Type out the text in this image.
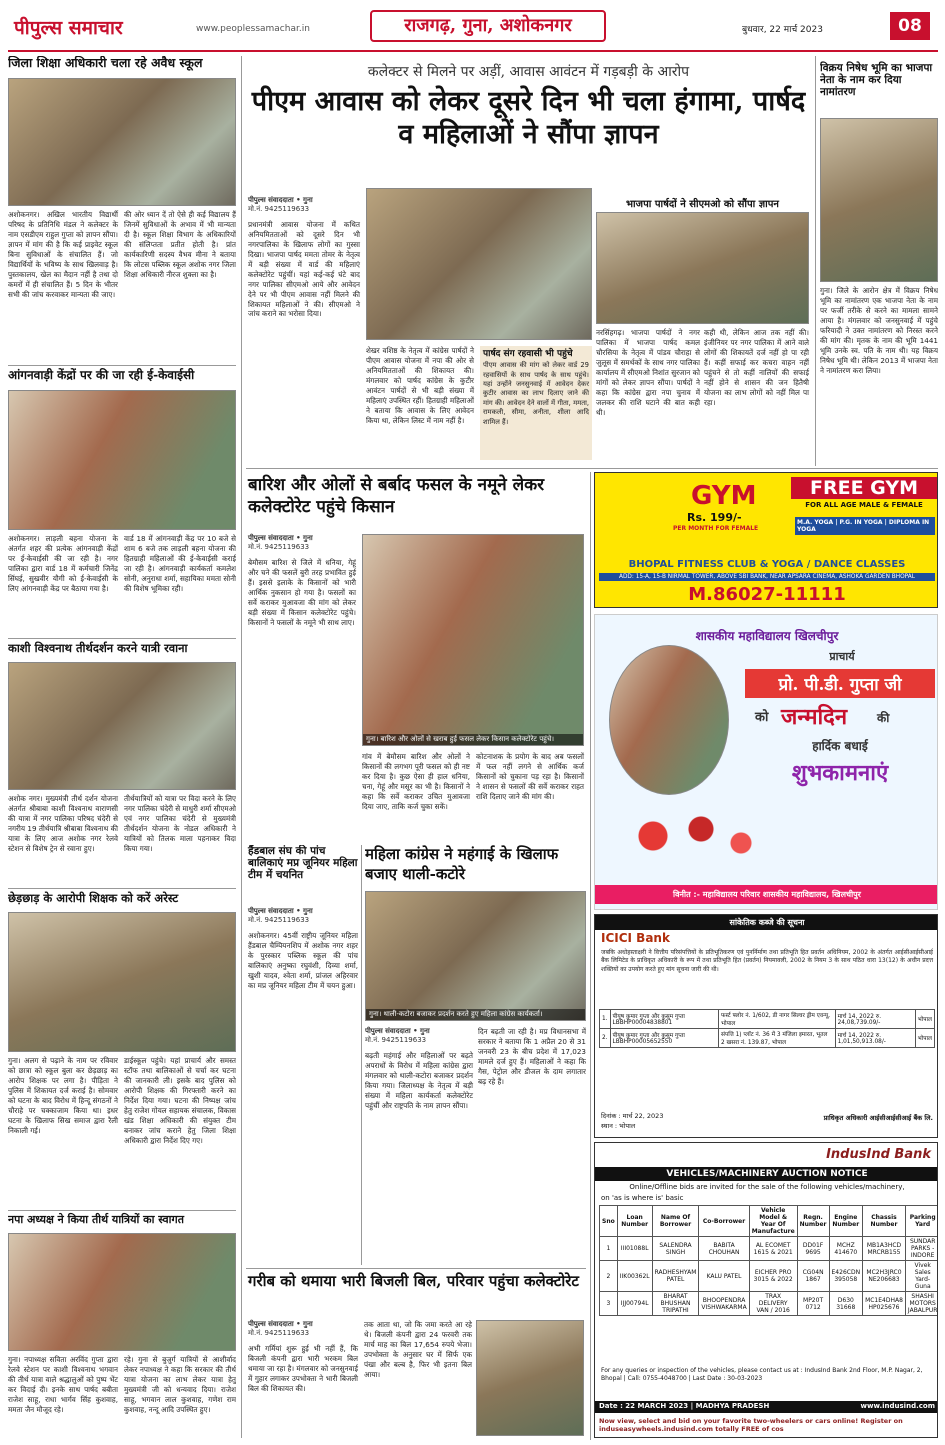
पीपुल्स समाचार	www.peoplessamachar.in	राजगढ़, गुना, अशोकनगर	बुधवार, 22 मार्च 2023	08
जिला शिक्षा अधिकारी चला रहे अवैध स्कूल
अशोकनगर। अखिल भारतीय विद्यार्थी परिषद के प्रतिनिधि मंडल ने कलेक्टर के नाम एसडीएम राहुल गुप्ता को ज्ञापन सौंपा। ज्ञापन में मांग की है कि कई प्राइवेट स्कूल बिना सुविधाओं के संचालित हैं। जो विद्यार्थियों के भविष्य के साथ खिलवाड़ है। पुस्तकालय, खेल का मैदान नहीं है तथा दो कमरों में ही संचालित हैं। 5 दिन के भीतर सभी की जांच करवाकर मान्यता की जाए।
की ओर ध्यान दें तो ऐसे ही कई विद्यालय हैं जिनमें सुविधाओं के अभाव में भी मान्यता दी है। स्कूल शिक्षा विभाग के अधिकारियों की संलिप्तता प्रतीत होती है। प्रांत कार्यकारिणी सदस्य वैभव मीना ने बताया कि लोटस पब्लिक स्कूल अशोक नगर जिला शिक्षा अधिकारी नीरज शुक्ला का है।
आंगनवाड़ी केंद्रों पर की जा रही ई-केवाईसी
अशोकनगर। लाड़ली बहना योजना के अंतर्गत शहर की प्रत्येक आंगनवाड़ी केंद्रों पर ई-केवाईसी की जा रही है। नगर पालिका द्वारा वार्ड 18 में कर्मचारी जिनेंद्र सिंघई, सुखवीर यौगी को ई-केवाईसी के लिए आंगनवाड़ी केंद्र पर बैठाया गया है।
वार्ड 18 में आंगनवाड़ी केंद्र पर 10 बजे से शाम 6 बजे तक लाड़ली बहना योजना की हितग्राही महिलाओं की ई-केवाईसी कराई जा रही है। आंगनवाड़ी कार्यकर्ता कमलेश सोनी, अनुराधा शर्मा, सहायिका ममता सोनी की विशेष भूमिका रही।
काशी विश्वनाथ तीर्थदर्शन करने यात्री रवाना
अशोक नगर। मुख्यमंत्री तीर्थ दर्शन योजना अंतर्गत श्रीबाबा काशी विश्वनाथ वाराणसी की यात्रा में नगर पालिका परिषद चंदेरी से नगरीय 19 तीर्थयात्रि श्रीबाबा विश्वनाथ की यात्रा के लिए आज अशोक नगर रेलवे स्टेशन से विशेष ट्रेन से रवाना हुए।
तीर्थयात्रियों को यात्रा पर विदा करने के लिए नगर पालिका चंदेरी से माधुरी शर्मा सीएमओ एवं नगर पालिका चंदेरी से मुख्यमंत्री तीर्थदर्शन योजना के नोडल अधिकारी ने यात्रियों को तिलक माला पहनाकर विदा किया गया।
छेड़छाड़ के आरोपी शिक्षक को करें अरेस्ट
गुना। अलग से पढ़ाने के नाम पर रविवार को छात्रा को स्कूल बुला कर छेड़छाड़ का आरोप शिक्षक पर लगा है। पीड़िता ने पुलिस में शिकायत दर्ज कराई है। सोमवार को घटना के बाद विरोध में हिन्दू संगठनों ने चौराहे पर चक्काजाम किया था। इधर घटना के खिलाफ सिख समाज द्वारा रैली निकाली गई।
डाईस्कूल पहुंचे। यहां प्राचार्य और समस्त स्टॉफ तथा बालिकाओं से चर्चा कर घटना की जानकारी ली। इसके बाद पुलिस को आरोपी शिक्षक की गिरफ्तारी करने का निर्देश दिया गया। घटना की निष्पक्ष जांच हेतु राजेश गोयल सहायक संचालक, विकास खंड शिक्षा अधिकारी की संयुक्त टीम बनाकर जांच कराने हेतु जिला शिक्षा अधिकारी द्वारा निर्देश दिए गए।
नपा अध्यक्ष ने किया तीर्थ यात्रियों का स्वागत
गुना। नपाध्यक्ष सविता अरविंद गुप्ता द्वारा रेलवे स्टेशन पर काशी विश्वनाथ भगवान की तीर्थ यात्रा वाले श्रद्धालुओं को पुष्प भेंट कर विदाई दी। इनके साथ पार्षद बबीता राजेश साहू, राधा भार्गव सिंह कुशवाह, ममता जैन मौजूद रहे।
रहे। गुना से बुजुर्ग यात्रियों से आशीर्वाद लेकर नपाध्यक्ष ने कहा कि सरकार की तीर्थ यात्रा योजना का लाभ लेकर यात्रा हेतु मुख्यमंत्री जी को धन्यवाद दिया। राजेश साहू, भगवान लाल कुशवाह, गणेश राम कुशवाह, नन्दू आदि उपस्थित हुए।
कलेक्टर से मिलने पर अड़ीं, आवास आवंटन में गड़बड़ी के आरोप
पीएम आवास को लेकर दूसरे दिन भी चला हंगामा, पार्षद व महिलाओं ने सौंपा ज्ञापन
पीपुल्स संवाददाता • गुना
मो.नं. 9425119633
प्रधानमंत्री आवास योजना में कथित अनियमितताओं को दूसरे दिन भी नगरपालिका के खिलाफ लोगों का गुस्सा दिखा। भाजपा पार्षद ममता तोमर के नेतृत्व में बड़ी संख्या में वार्ड की महिलाएं कलेक्टोरेट पहुंचीं। यहां कई-कई घंटे बाद नगर पालिका सीएमओ आये और आवेदन देने पर भी पीएम आवास नहीं मिलने की शिकायत महिलाओं ने की। सीएमओ ने जांच कराने का भरोसा दिया।
शेखर वशिष्ठ के नेतृत्व में कांग्रेस पार्षदों ने पीएम आवास योजना में नपा की ओर से अनियमितताओं की शिकायत की। मंगलवार को पार्षद कांग्रेस के कुटीर आवंटन पार्षदों से भी बड़ी संख्या में महिलाएं उपस्थित रहीं। हितग्राही महिलाओं ने बताया कि आवास के लिए आवेदन किया था, लेकिन लिस्ट में नाम नहीं है।
पार्षद संग रहवासी भी पहुंचे
पीएम आवास की मांग को लेकर वार्ड 29 रहवासियों के साथ पार्षद के साथ पहुंचे। यहां उन्होंने जनसुनवाई में आवेदन देकर कुटीर आवास का लाभ दिलाए जाने की मांग की। आवेदन देने वालों में गीता, ममता, रामकली, सीमा, अनीता, शीला आदि शामिल हैं।
भाजपा पार्षदों ने सीएमओ को सौंपा ज्ञापन
नरसिंहगढ़। भाजपा पार्षदों ने नगर पालिका में भाजपा पार्षद कमल चौरसिया के नेतृत्व में पांडव चौराहा से जुलूस में समर्थकों के साथ नगर पालिका कार्यालय में सीएमओ निशांत सुरजान को मांगों को लेकर ज्ञापन सौंपा। पार्षदों ने कहा कि कांग्रेस द्वारा नपा चुनाव में जलकर की राशि घटाने की बात कही थी।
कही थी, लेकिन आज तक नहीं की। इंजीनियर पर नगर पालिका में आने वाले लोगों की शिकायतें दर्ज नहीं हो पा रही हैं। कहीं सफाई कर कचरा वाहन नहीं पहुंचने से तो कहीं नालियों की सफाई नहीं होने से शासन की जन हितैषी योजना का लाभ लोगों को नहीं मिल पा रहा।
विक्रय निषेध भूमि का भाजपा नेता के नाम कर दिया नामांतरण
गुना। जिले के आरोन क्षेत्र में विक्रय निषेध भूमि का नामांतरण एक भाजपा नेता के नाम पर फर्जी तरीके से करने का मामला सामने आया है। मंगलवार को जनसुनवाई में पहुंचे फरियादी ने उक्त नामांतरण को निरस्त करने की मांग की। मृतक के नाम की भूमि 1441 भूमि उनके स्व. पति के नाम थी। यह विक्रय निषेध भूमि थी। लेकिन 2013 में भाजपा नेता ने नामांतरण करा लिया।
बारिश और ओलों से बर्बाद फसल के नमूने लेकर कलेक्टोरेट पहुंचे किसान
पीपुल्स संवाददाता • गुना
मो.नं. 9425119633
बेमौसम बारिश से जिले में धनिया, गेहूं और चने की फसलें बुरी तरह प्रभावित हुई हैं। इससे इलाके के किसानों को भारी आर्थिक नुकसान हो गया है। फसलों का सर्वे कराकर मुआवजा की मांग को लेकर बड़ी संख्या में किसान कलेक्टोरेट पहुंचे। किसानों ने फसलों के नमूने भी साथ लाए।
गुना। बारिश और ओलों से खराब हुई फसल लेकर किसान कलेक्टोरेट पहुंचे।
गांव में बेमौसम बारिश और ओलों ने किसानों की लगभग पूरी फसल को ही नष्ट कर दिया है। कुछ ऐसा ही हाल धनिया, चना, गेहूं और मसूर का भी है। किसानों ने कहा कि सर्वे कराकर उचित मुआवजा दिया जाए, ताकि कर्ज चुका सकें।
कोटनाशक के प्रयोग के बाद अब फसलों में फल नहीं लगने से आर्थिक कर्ज किसानों को चुकाना पड़ रहा है। किसानों ने शासन से फसलों की सर्वे कराकर राहत राशि दिलाए जाने की मांग की।
हैंडबाल संघ की पांच बालिकाएं मप्र जूनियर महिला टीम में चयनित
पीपुल्स संवाददाता • गुना
मो.नं. 9425119633
अशोकनगर। 45वीं राष्ट्रीय जूनियर महिला हैंडबाल चैम्पियनशिप में अशोक नगर शहर के पुरस्कार पब्लिक स्कूल की पांच बालिकाएं अनुष्का रघुवंशी, दिव्या शर्मा, खुशी यादव, श्वेता शर्मा, प्रांजल अहिरवार का मप्र जूनियर महिला टीम में चयन हुआ।
महिला कांग्रेस ने महंगाई के खिलाफ बजाए थाली-कटोरे
गुना। थाली-कटोरा बजाकर प्रदर्शन करते हुए महिला कांग्रेस कार्यकर्ता।
पीपुल्स संवाददाता • गुना
मो.नं. 9425119633
बढ़ती महंगाई और महिलाओं पर बढ़ते अपराधों के विरोध में महिला कांग्रेस द्वारा मंगलवार को थाली-कटोरा बजाकर प्रदर्शन किया गया। जिलाध्यक्ष के नेतृत्व में बड़ी संख्या में महिला कार्यकर्ता कलेक्टोरेट पहुंचीं और राष्ट्रपति के नाम ज्ञापन सौंपा।
दिन बढ़ती जा रही है। मप्र विधानसभा में सरकार ने बताया कि 1 अप्रैल 20 से 31 जनवरी 23 के बीच प्रदेश में 17,023 मामले दर्ज हुए हैं। महिलाओं ने कहा कि गैस, पेट्रोल और डीजल के दाम लगातार बढ़ रहे हैं।
गरीब को थमाया भारी बिजली बिल, परिवार पहुंचा कलेक्टोरेट
पीपुल्स संवाददाता • गुना
मो.नं. 9425119633
अभी गर्मियां शुरू हुई भी नहीं हैं, कि बिजली कंपनी द्वारा भारी भरकम बिल थमाया जा रहा है। मंगलवार को जनसुनवाई में गुहार लगाकर उपभोक्ता ने भारी बिजली बिल की शिकायत की।
तक आता था, जो कि जमा करते आ रहे थे। बिजली कंपनी द्वारा 24 फरवरी तक मार्च माह का बिल 17,654 रुपये भेजा। उपभोक्ता के अनुसार घर में सिर्फ एक पंखा और बल्ब है, फिर भी इतना बिल आया।
GYM
Rs. 199/-
PER MONTH FOR FEMALE
FREE GYM
FOR ALL AGE MALE & FEMALE
M.A. YOGA | P.G. IN YOGA | DIPLOMA IN YOGA
BHOPAL FITNESS CLUB & YOGA / DANCE CLASSES
ADD: 15-A, 15-B NIRMAL TOWER, ABOVE SBI BANK, NEAR APSARA CINEMA, ASHOKA GARDEN BHOPAL
M.86027-11111
शासकीय महाविद्यालय खिलचीपुर
प्राचार्य
प्रो. पी.डी. गुप्ता जी
को जन्मदिन की
हार्दिक बधाई
शुभकामनाएं
विनीत :- महाविद्यालय परिवार शासकीय महाविद्यालय, खिलचीपुर
सांकेतिक कब्जे की सूचना
ICICI Bank
जबकि अधोहस्ताक्षरी ने वित्तीय परिसंपत्तियों के प्रतिभूतिकरण एवं पुनर्निर्माण तथा प्रतिभूति हित प्रवर्तन अधिनियम, 2002 के अंतर्गत आईसीआईसीआई बैंक लिमिटेड के प्राधिकृत अधिकारी के रूप में तथा प्रतिभूति हित (प्रवर्तन) नियमावली, 2002 के नियम 3 के साथ पठित धारा 13(12) के अधीन प्रदत्त शक्तियों का उपयोग करते हुए मांग सूचना जारी की थी।
1.	पीयूष कुमार गुप्ता और कुसुम गुप्ता LBBHP00004838801	फर्स्ट फ्लोर नं. 1/602, डी नागर सिल्वर ड्रीम एवन्यू, भोपाल	मार्च 14, 2022 रु. 24,08,739.09/-	भोपाल
2.	पीयूष कुमार गुप्ता और कुसुम गुप्ता LBBHP00005652550	संपत्ति 1) प्लॉट नं. 36 में 3 मंजिला इमारत, भूतल 2 खसरा नं. 139.87, भोपाल	मार्च 14, 2022 रु. 1,01,50,913.08/-	भोपाल
दिनांक : मार्च 22, 2023
स्थान : भोपाल
प्राधिकृत अधिकारी आईसीआईसीआई बैंक लि.
IndusInd Bank
VEHICLES/MACHINERY AUCTION NOTICE
Online/Offline bids are invited for the sale of the following vehicles/machinery,
on 'as is where is' basic
Sno	Loan Number	Name Of Borrower	Co-Borrower	Vehicle Model & Year Of Manufacture	Regn. Number	Engine Number	Chassis Number	Parking Yard
1	III01088L	SALENDRA SINGH	BABITA CHOUHAN	AL ECOMET 1615 & 2021	DD01F 9695	MCHZ 414670	MB1A3HCD MRCRB155	SUNDAR PARKS - INDORE
2	IIK00362L	RADHESHYAM PATEL	KALU PATEL	EICHER PRO 3015 & 2022	CG04N 1867	E426CDN 395058	MC2H3JRC0 NE206683	Vivek Sales Yard- Guna
3	IJJ00794L	BHARAT BHUSHAN TRIPATHI	BHOOPENDRA VISHWAKARMA	TRAX DELIVERY VAN / 2016	MP20T 0712	D630 31668	MC1E4DHA8 HP025676	SHASHI MOTORS JABALPUR
For any queries or inspection of the vehicles, please contact us at : IndusInd Bank 2nd Floor, M.P. Nagar, 2, Bhopal | Call: 0755-4048700 | Last Date : 30-03-2023
Date : 22 MARCH 2023 | MADHYA PRADESH	www.indusind.com
Now view, select and bid on your favorite two-wheelers or cars online! Register on induseasywheels.indusind.com totally FREE of cos
